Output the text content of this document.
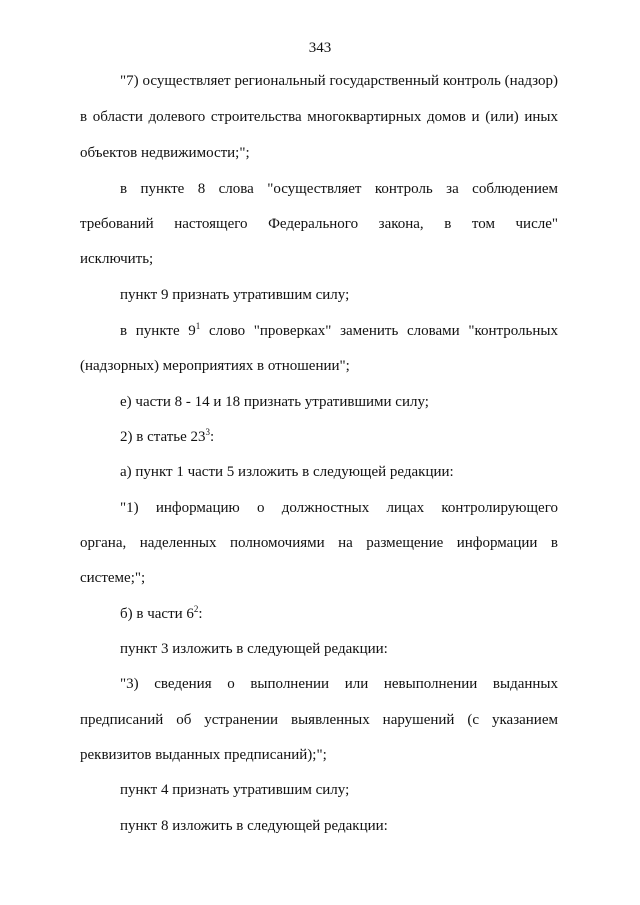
343
"7) осуществляет региональный государственный контроль (надзор)
в области долевого строительства многоквартирных домов и (или) иных
объектов недвижимости;";
в пункте 8 слова "осуществляет контроль за соблюдением
требований настоящего Федерального закона, в том числе"
исключить;
пункт 9 признать утратившим силу;
в пункте $9^1$ слово "проверках" заменить словами "контрольных
(надзорных) мероприятиях в отношении";
е) части 8 - 14 и 18 признать утратившими силу;
2) в статье $23^3$:
а) пункт 1 части 5 изложить в следующей редакции:
"1) информацию о должностных лицах контролирующего
органа, наделенных полномочиями на размещение информации в
системе;";
б) в части $6^2$:
пункт 3 изложить в следующей редакции:
"3) сведения о выполнении или невыполнении выданных
предписаний об устранении выявленных нарушений (с указанием
реквизитов выданных предписаний);";
пункт 4 признать утратившим силу;
пункт 8 изложить в следующей редакции:
